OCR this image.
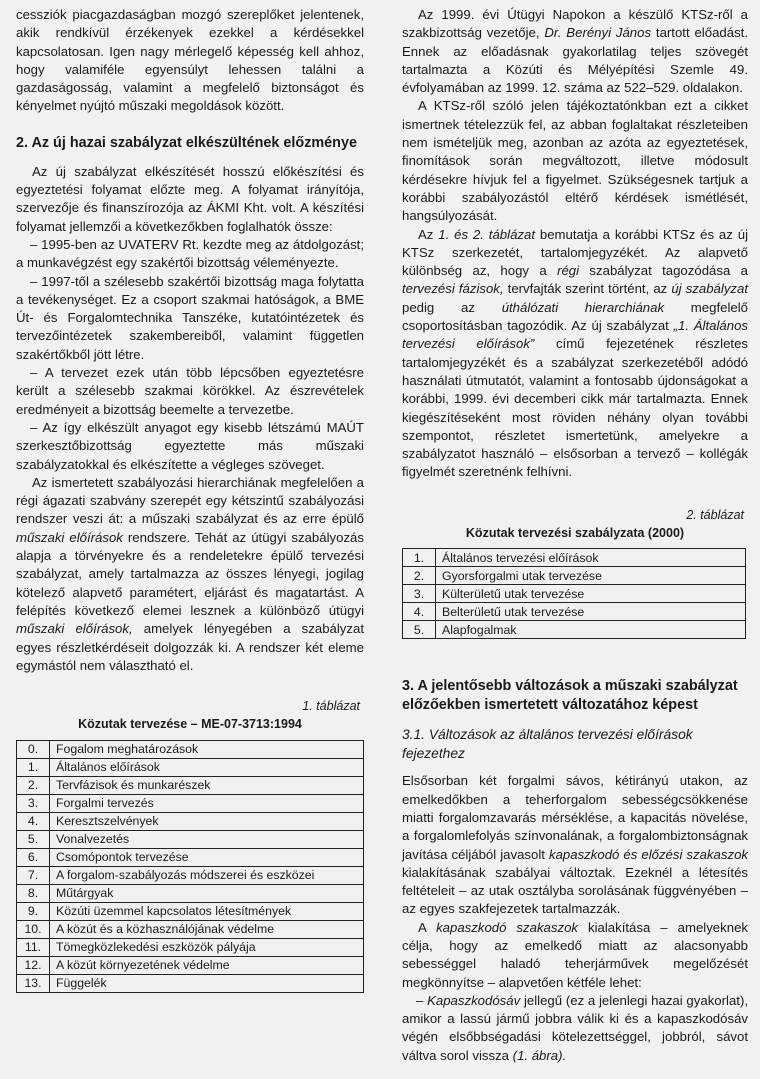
cessziók piacgazdaságban mozgó szereplőket jelentenek, akik rendkívül érzékenyek ezekkel a kérdésekkel kapcsolatosan. Igen nagy mérlegelő képesség kell ahhoz, hogy valamiféle egyensúlyt lehessen találni a gazdaságosság, valamint a megfelelő biztonságot és kényelmet nyújtó műszaki megoldások között.

2. Az új hazai szabályzat elkészültének előzménye

Az új szabályzat elkészítését hosszú előkészítési és egyeztetési folyamat előzte meg. A folyamat irányítója, szervezője és finanszírozója az ÁKMI Kht. volt. A készítési folyamat jellemzői a következőkben foglalhatók össze:

– 1995-ben az UVATERV Rt. kezdte meg az átdolgozást; a munkavégzést egy szakértői bizottság véleményezte.

– 1997-től a szélesebb szakértői bizottság maga folytatta a tevékenységet. Ez a csoport szakmai hatóságok, a BME Út- és Forgalomtechnika Tanszéke, kutatóintézetek és tervezőintézetek szakembereiből, valamint független szakértőkből jött létre.

– A tervezet ezek után több lépcsőben egyeztetésre került a szélesebb szakmai körökkel. Az észrevételek eredményeit a bizottság beemelte a tervezetbe.

– Az így elkészült anyagot egy kisebb létszámú MAÚT szerkesztőbizottság egyeztette más műszaki szabályzatokkal és elkészítette a végleges szöveget.

Az ismertetett szabályozási hierarchiának megfelelően a régi ágazati szabvány szerepét egy kétszintű szabályozási rendszer veszi át: a műszaki szabályzat és az erre épülő műszaki előírások rendszere. Tehát az útügyi szabályozás alapja a törvényekre és a rendeletekre épülő tervezési szabályzat, amely tartalmazza az összes lényegi, jogilag kötelező alapvető paramétert, eljárást és magatartást. A felépítés következő elemei lesznek a különböző útügyi műszaki előírások, amelyek lényegében a szabályzat egyes részletkérdéseit dolgozzák ki. A rendszer két eleme egymástól nem választható el.

1. táblázat
Közutak tervezése – ME-07-3713:1994
0.	Fogalom meghatározások
1.	Általános előírások
2.	Tervfázisok és munkarészek
3.	Forgalmi tervezés
4.	Keresztszelvények
5.	Vonalvezetés
6.	Csomópontok tervezése
7.	A forgalom-szabályozás módszerei és eszközei
8.	Műtárgyak
9.	Közúti üzemmel kapcsolatos létesítmények
10.	A közút és a közhasználójának védelme
11.	Tömegközlekedési eszközök pályája
12.	A közút környezetének védelme
13.	Függelék

Az 1999. évi Útügyi Napokon a készülő KTSz-ről a szakbizottság vezetője, Dr. Berényi János tartott előadást. Ennek az előadásnak gyakorlatilag teljes szövegét tartalmazta a Közúti és Mélyépítési Szemle 49. évfolyamában az 1999. 12. száma az 522–529. oldalakon.

A KTSz-ről szóló jelen tájékoztatónkban ezt a cikket ismertnek tételezzük fel, az abban foglaltakat részleteiben nem ismételjük meg, azonban az azóta az egyeztetések, finomítások során megváltozott, illetve módosult kérdésekre hívjuk fel a figyelmet. Szükségesnek tartjuk a korábbi szabályozástól eltérő kérdések ismétlését, hangsúlyozását.

Az 1. és 2. táblázat bemutatja a korábbi KTSz és az új KTSz szerkezetét, tartalomjegyzékét. Az alapvető különbség az, hogy a régi szabályzat tagozódása a tervezési fázisok, tervfajták szerint történt, az új szabályzat pedig az úthálózati hierarchiának megfelelő csoportosításban tagozódik. Az új szabályzat „1. Általános tervezési előírások” című fejezetének részletes tartalomjegyzékét és a szabályzat szerkezetéből adódó használati útmutatót, valamint a fontosabb újdonságokat a korábbi, 1999. évi decemberi cikk már tartalmazta. Ennek kiegészítéseként most röviden néhány olyan további szempontot, részletet ismertetünk, amelyekre a szabályzatot használó – elsősorban a tervező – kollégák figyelmét szeretnénk felhívni.

2. táblázat
Közutak tervezési szabályzata (2000)
1.	Általános tervezési előírások
2.	Gyorsforgalmi utak tervezése
3.	Külterületű utak tervezése
4.	Belterületű utak tervezése
5.	Alapfogalmak
3. A jelentősebb változások a műszaki szabályzat előzőekben ismertetett változatához képest
3.1. Változások az általános tervezési előírások fejezethez

Elsősorban két forgalmi sávos, kétirányú utakon, az emelkedőkben a teherforgalom sebességcsökkenése miatti forgalomzavarás mérséklése, a kapacitás növelése, a forgalomlefolyás színvonalának, a forgalombiztonságnak javítása céljából javasolt kapaszkodó és előzési szakaszok kialakításának szabályai változtak. Ezeknél a létesítés feltételeit – az utak osztályba sorolásának függvényében – az egyes szakfejezetek tartalmazzák.

A kapaszkodó szakaszok kialakítása – amelyeknek célja, hogy az emelkedő miatt az alacsonyabb sebességgel haladó teherjárművek megelőzését megkönnyítse – alapvetően kétféle lehet:

– Kapaszkodósáv jellegű (ez a jelenlegi hazai gyakorlat), amikor a lassú jármű jobbra válik ki és a kapaszkodósáv végén elsőbbségadási kötelezettséggel, jobbról, sávot váltva sorol vissza (1. ábra).
